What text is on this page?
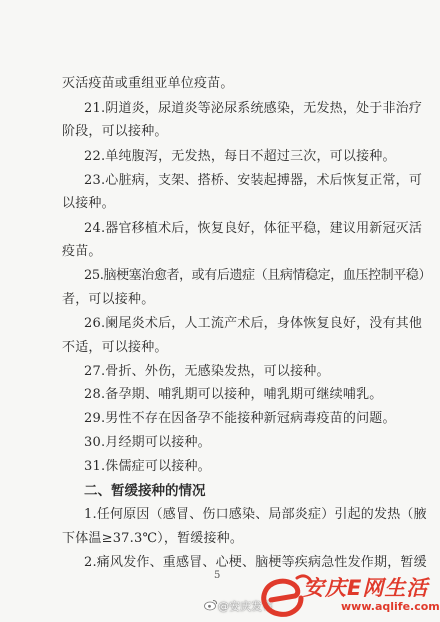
灭活疫苗或重组亚单位疫苗。
21.阴道炎，尿道炎等泌尿系统感染，无发热，处于非治疗
阶段，可以接种。
22.单纯腹泻，无发热，每日不超过三次，可以接种。
23.心脏病，支架、搭桥、安装起搏器，术后恢复正常，可
以接种。
24.器官移植术后，恢复良好，体征平稳，建议用新冠灭活
疫苗。
25.脑梗塞治愈者，或有后遗症（且病情稳定，血压控制平稳）
者，可以接种。
26.阑尾炎术后，人工流产术后，身体恢复良好，没有其他
不适，可以接种。
27.骨折、外伤，无感染发热，可以接种。
28.备孕期、哺乳期可以接种，哺乳期可继续哺乳。
29.男性不存在因备孕不能接种新冠病毒疫苗的问题。
30.月经期可以接种。
31.侏儒症可以接种。
二、暂缓接种的情况
1.任何原因（感冒、伤口感染、局部炎症）引起的发热（腋
下体温≥37.3℃），暂缓接种。
2.痛风发作、重感冒、心梗、脑梗等疾病急性发作期，暂缓
5
@安庆发布
安庆E网生活
www.aqlife.com
